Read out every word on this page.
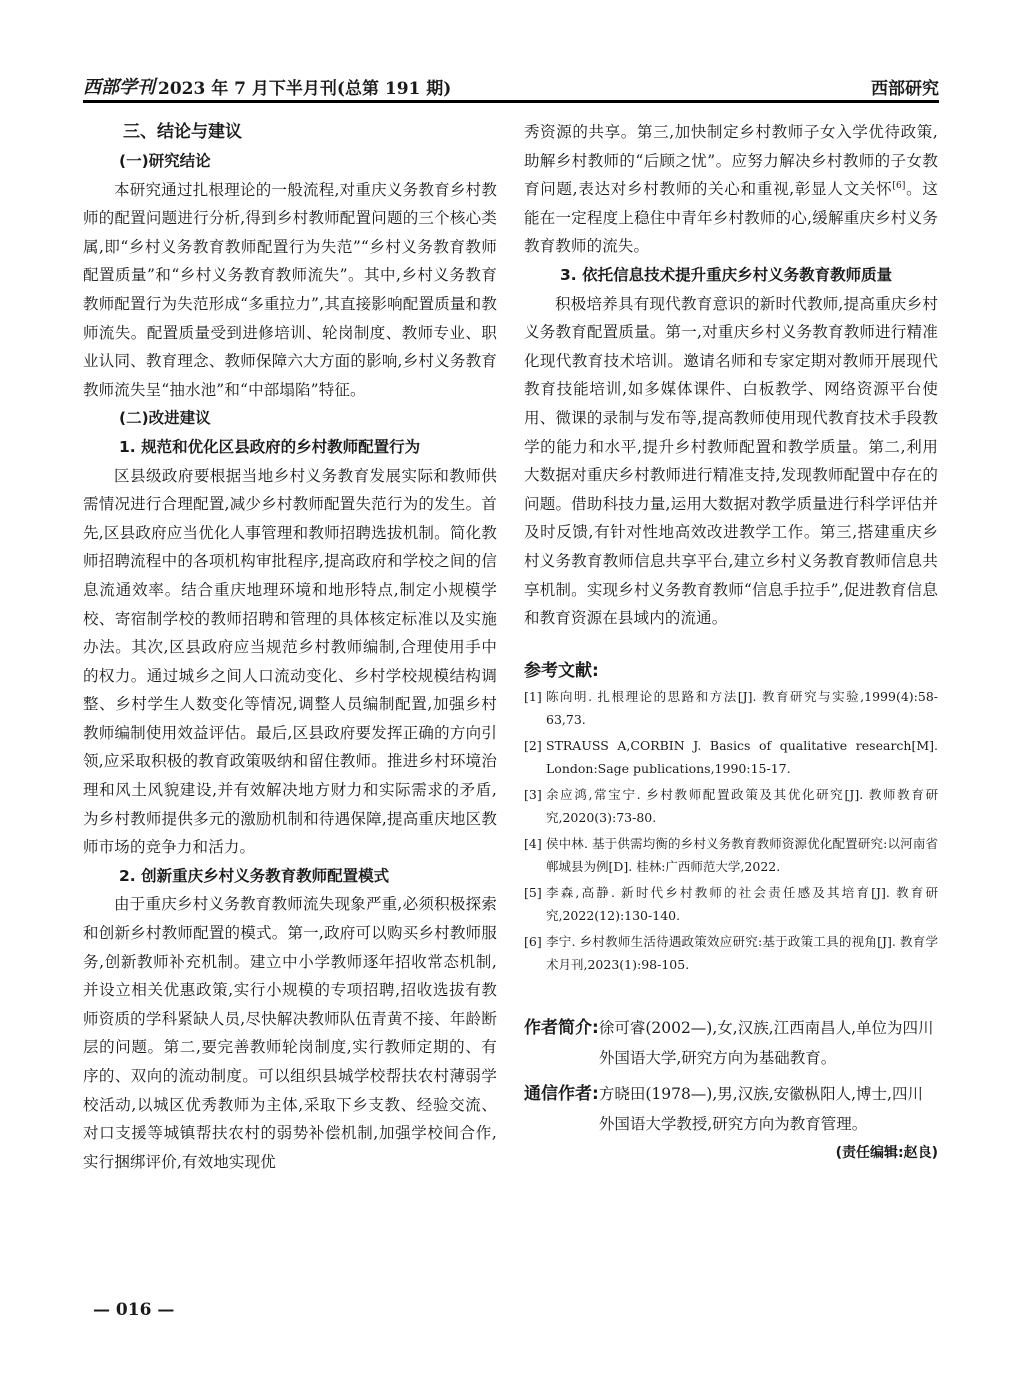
西部学刊 2023 年 7 月下半月刊(总第 191 期)	西部研究
三、结论与建议
(一)研究结论

本研究通过扎根理论的一般流程,对重庆义务教育乡村教师的配置问题进行分析,得到乡村教师配置问题的三个核心类属,即“乡村义务教育教师配置行为失范”“乡村义务教育教师配置质量”和“乡村义务教育教师流失”。其中,乡村义务教育教师配置行为失范形成“多重拉力”,其直接影响配置质量和教师流失。配置质量受到进修培训、轮岗制度、教师专业、职业认同、教育理念、教师保障六大方面的影响,乡村义务教育教师流失呈“抽水池”和“中部塌陷”特征。

(二)改进建议
1. 规范和优化区县政府的乡村教师配置行为

区县级政府要根据当地乡村义务教育发展实际和教师供需情况进行合理配置,减少乡村教师配置失范行为的发生。首先,区县政府应当优化人事管理和教师招聘选拔机制。简化教师招聘流程中的各项机构审批程序,提高政府和学校之间的信息流通效率。结合重庆地理环境和地形特点,制定小规模学校、寄宿制学校的教师招聘和管理的具体核定标准以及实施办法。其次,区县政府应当规范乡村教师编制,合理使用手中的权力。通过城乡之间人口流动变化、乡村学校规模结构调整、乡村学生人数变化等情况,调整人员编制配置,加强乡村教师编制使用效益评估。最后,区县政府要发挥正确的方向引领,应采取积极的教育政策吸纳和留住教师。推进乡村环境治理和风土风貌建设,并有效解决地方财力和实际需求的矛盾,为乡村教师提供多元的激励机制和待遇保障,提高重庆地区教师市场的竞争力和活力。

2. 创新重庆乡村义务教育教师配置模式

由于重庆乡村义务教育教师流失现象严重,必须积极探索和创新乡村教师配置的模式。第一,政府可以购买乡村教师服务,创新教师补充机制。建立中小学教师逐年招收常态机制,并设立相关优惠政策,实行小规模的专项招聘,招收选拔有教师资质的学科紧缺人员,尽快解决教师队伍青黄不接、年龄断层的问题。第二,要完善教师轮岗制度,实行教师定期的、有序的、双向的流动制度。可以组织县城学校帮扶农村薄弱学校活动,以城区优秀教师为主体,采取下乡支教、经验交流、对口支援等城镇帮扶农村的弱势补偿机制,加强学校间合作,实行捆绑评价,有效地实现优

秀资源的共享。第三,加快制定乡村教师子女入学优待政策,助解乡村教师的“后顾之忧”。应努力解决乡村教师的子女教育问题,表达对乡村教师的关心和重视,彰显人文关怀[6]。这能在一定程度上稳住中青年乡村教师的心,缓解重庆乡村义务教育教师的流失。

3. 依托信息技术提升重庆乡村义务教育教师质量

积极培养具有现代教育意识的新时代教师,提高重庆乡村义务教育配置质量。第一,对重庆乡村义务教育教师进行精准化现代教育技术培训。邀请名师和专家定期对教师开展现代教育技能培训,如多媒体课件、白板教学、网络资源平台使用、微课的录制与发布等,提高教师使用现代教育技术手段教学的能力和水平,提升乡村教师配置和教学质量。第二,利用大数据对重庆乡村教师进行精准支持,发现教师配置中存在的问题。借助科技力量,运用大数据对教学质量进行科学评估并及时反馈,有针对性地高效改进教学工作。第三,搭建重庆乡村义务教育教师信息共享平台,建立乡村义务教育教师信息共享机制。实现乡村义务教育教师“信息手拉手”,促进教育信息和教育资源在县域内的流通。

参考文献:
[1] 陈向明. 扎根理论的思路和方法[J]. 教育研究与实验,1999(4):58-63,73.
[2] STRAUSS A,CORBIN J. Basics of qualitative research[M]. London:Sage publications,1990:15-17.
[3] 余应鸿,常宝宁. 乡村教师配置政策及其优化研究[J]. 教师教育研究,2020(3):73-80.
[4] 侯中林. 基于供需均衡的乡村义务教育教师资源优化配置研究:以河南省郸城县为例[D]. 桂林:广西师范大学,2022.
[5] 李森,高静. 新时代乡村教师的社会责任感及其培育[J]. 教育研究,2022(12):130-140.
[6] 李宁. 乡村教师生活待遇政策效应研究:基于政策工具的视角[J]. 教育学术月刊,2023(1):98-105.
作者简介: 徐可睿(2002—),女,汉族,江西南昌人,单位为四川外国语大学,研究方向为基础教育。
通信作者: 方晓田(1978—),男,汉族,安徽枞阳人,博士,四川外国语大学教授,研究方向为教育管理。
(责任编辑:赵良)
— 016 —
